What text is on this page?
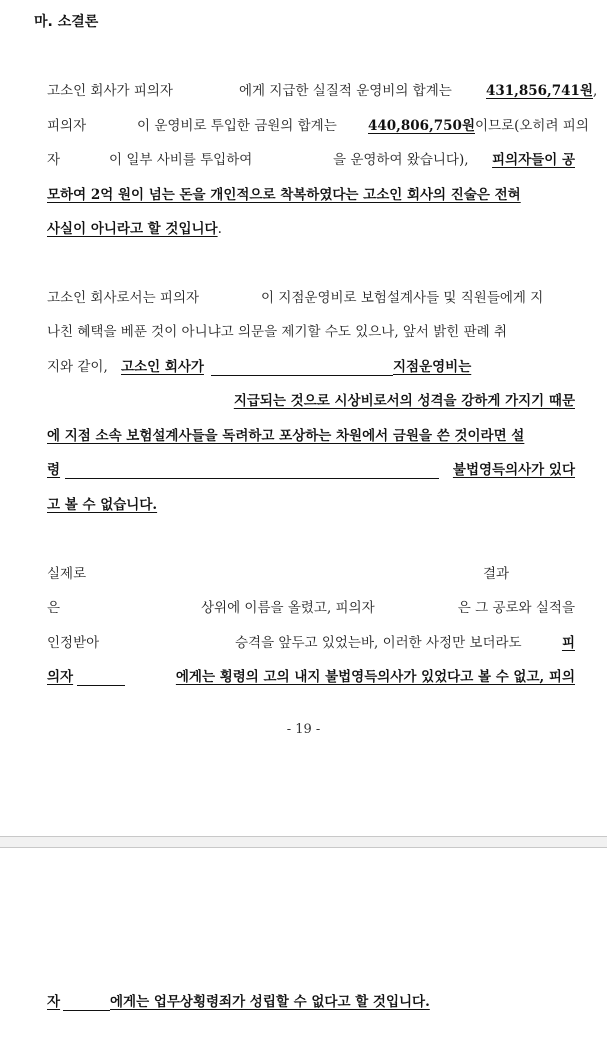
마. 소결론
고소인 회사가 피의자	에게 지급한 실질적 운영비의 합계는	431,856,741원,
피의자	이 운영비로 투입한 금원의 합계는 440,806,750원이므로(오히려 피의
자	이 일부 사비를 투입하여	을 운영하여 왔습니다), 피의자들이 공
모하여 2억 원이 넘는 돈을 개인적으로 착복하였다는 고소인 회사의 진술은 전혀
사실이 아니라고 할 것입니다.
고소인 회사로서는 피의자	이 지점운영비로 보험설계사들 및 직원들에게 지
나친 혜택을 베푼 것이 아니냐고 의문을 제기할 수도 있으나, 앞서 밝힌 판례 취
지와 같이, 고소인 회사가	지점운영비는
지급되는 것으로 시상비로서의 성격을 강하게 가지기 때문
에 지점 소속 보험설계사들을 독려하고 포상하는 차원에서 금원을 쓴 것이라면 설
령	불법영득의사가 있다
고 볼 수 없습니다.
실제로	결과
은	상위에 이름을 올렸고, 피의자	은 그 공로와 실적을
인정받아	승격을 앞두고 있었는바, 이러한 사정만 보더라도	피
의자	에게는 횡령의 고의 내지 불법영득의사가 있었다고 볼 수 없고, 피의
- 19 -
자	에게는 업무상횡령죄가 성립할 수 없다고 할 것입니다.
